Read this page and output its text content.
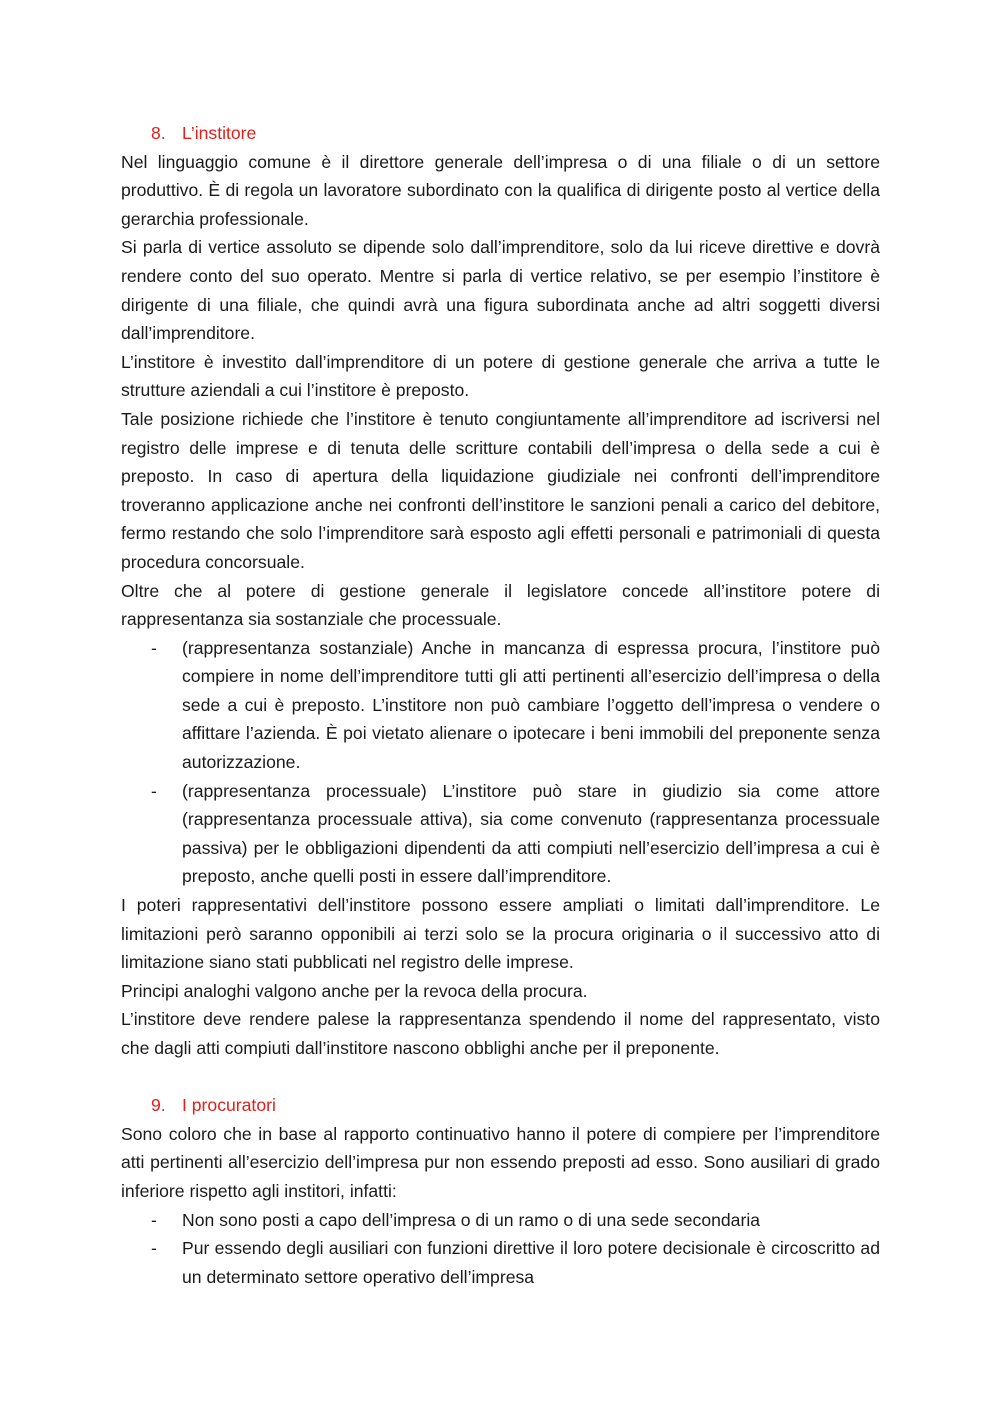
8. L’institore

Nel linguaggio comune è il direttore generale dell’impresa o di una filiale o di un settore produttivo. È di regola un lavoratore subordinato con la qualifica di dirigente posto al vertice della gerarchia professionale.

Si parla di vertice assoluto se dipende solo dall’imprenditore, solo da lui riceve direttive e dovrà rendere conto del suo operato. Mentre si parla di vertice relativo, se per esempio l’institore è dirigente di una filiale, che quindi avrà una figura subordinata anche ad altri soggetti diversi dall’imprenditore.

L’institore è investito dall’imprenditore di un potere di gestione generale che arriva a tutte le strutture aziendali a cui l’institore è preposto.

Tale posizione richiede che l’institore è tenuto congiuntamente all’imprenditore ad iscriversi nel registro delle imprese e di tenuta delle scritture contabili dell’impresa o della sede a cui è preposto. In caso di apertura della liquidazione giudiziale nei confronti dell’imprenditore troveranno applicazione anche nei confronti dell’institore le sanzioni penali a carico del debitore, fermo restando che solo l’imprenditore sarà esposto agli effetti personali e patrimoniali di questa procedura concorsuale.

Oltre che al potere di gestione generale il legislatore concede all’institore potere di rappresentanza sia sostanziale che processuale.

- (rappresentanza sostanziale) Anche in mancanza di espressa procura, l’institore può compiere in nome dell’imprenditore tutti gli atti pertinenti all’esercizio dell’impresa o della sede a cui è preposto. L’institore non può cambiare l’oggetto dell’impresa o vendere o affittare l’azienda. È poi vietato alienare o ipotecare i beni immobili del preponente senza autorizzazione.
- (rappresentanza processuale) L’institore può stare in giudizio sia come attore (rappresentanza processuale attiva), sia come convenuto (rappresentanza processuale passiva) per le obbligazioni dipendenti da atti compiuti nell’esercizio dell’impresa a cui è preposto, anche quelli posti in essere dall’imprenditore.

I poteri rappresentativi dell’institore possono essere ampliati o limitati dall’imprenditore. Le limitazioni però saranno opponibili ai terzi solo se la procura originaria o il successivo atto di limitazione siano stati pubblicati nel registro delle imprese.

Principi analoghi valgono anche per la revoca della procura.

L’institore deve rendere palese la rappresentanza spendendo il nome del rappresentato, visto che dagli atti compiuti dall’institore nascono obblighi anche per il preponente.

9. I procuratori

Sono coloro che in base al rapporto continuativo hanno il potere di compiere per l’imprenditore atti pertinenti all’esercizio dell’impresa pur non essendo preposti ad esso. Sono ausiliari di grado inferiore rispetto agli institori, infatti:

- Non sono posti a capo dell’impresa o di un ramo o di una sede secondaria
- Pur essendo degli ausiliari con funzioni direttive il loro potere decisionale è circoscritto ad un determinato settore operativo dell’impresa
